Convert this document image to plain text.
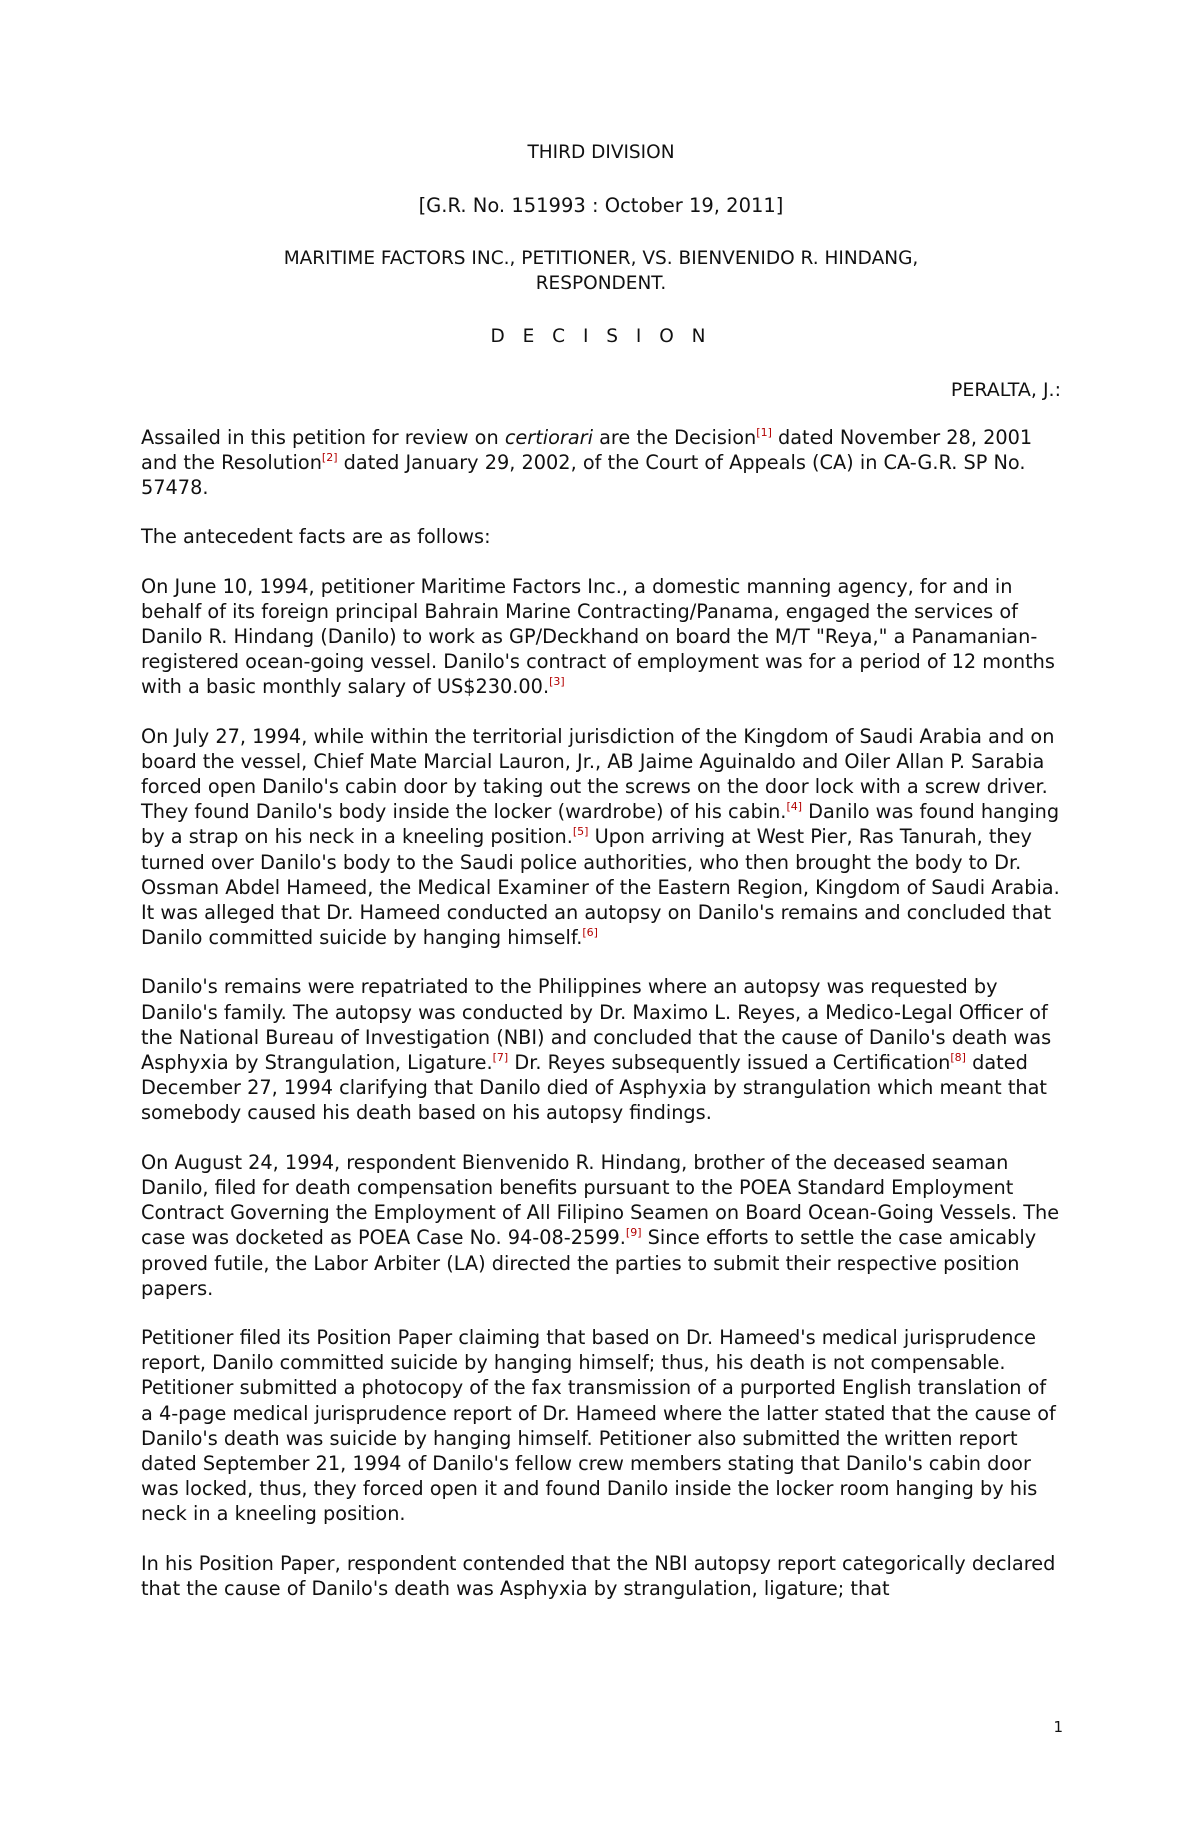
THIRD DIVISION
[G.R. No. 151993 : October 19, 2011]
MARITIME FACTORS INC., PETITIONER, VS. BIENVENIDO R. HINDANG,
RESPONDENT.
D E C I S I O N
PERALTA, J.:

Assailed in this petition for review on certiorari are the Decision[1] dated November 28, 2001 and the Resolution[2] dated January 29, 2002, of the Court of Appeals (CA) in CA-G.R. SP No. 57478.

The antecedent facts are as follows:

On June 10, 1994, petitioner Maritime Factors Inc., a domestic manning agency, for and in behalf of its foreign principal Bahrain Marine Contracting/Panama, engaged the services of Danilo R. Hindang (Danilo) to work as GP/Deckhand on board the M/T "Reya," a Panamanian-registered ocean-going vessel. Danilo's contract of employment was for a period of 12 months with a basic monthly salary of US$230.00.[3]

On July 27, 1994, while within the territorial jurisdiction of the Kingdom of Saudi Arabia and on board the vessel, Chief Mate Marcial Lauron, Jr., AB Jaime Aguinaldo and Oiler Allan P. Sarabia forced open Danilo's cabin door by taking out the screws on the door lock with a screw driver. They found Danilo's body inside the locker (wardrobe) of his cabin.[4] Danilo was found hanging by a strap on his neck in a kneeling position.[5] Upon arriving at West Pier, Ras Tanurah, they turned over Danilo's body to the Saudi police authorities, who then brought the body to Dr. Ossman Abdel Hameed, the Medical Examiner of the Eastern Region, Kingdom of Saudi Arabia. It was alleged that Dr. Hameed conducted an autopsy on Danilo's remains and concluded that Danilo committed suicide by hanging himself.[6]

Danilo's remains were repatriated to the Philippines where an autopsy was requested by Danilo's family. The autopsy was conducted by Dr. Maximo L. Reyes, a Medico-Legal Officer of the National Bureau of Investigation (NBI) and concluded that the cause of Danilo's death was Asphyxia by Strangulation, Ligature.[7] Dr. Reyes subsequently issued a Certification[8] dated December 27, 1994 clarifying that Danilo died of Asphyxia by strangulation which meant that somebody caused his death based on his autopsy findings.

On August 24, 1994, respondent Bienvenido R. Hindang, brother of the deceased seaman Danilo, filed for death compensation benefits pursuant to the POEA Standard Employment Contract Governing the Employment of All Filipino Seamen on Board Ocean-Going Vessels. The case was docketed as POEA Case No. 94-08-2599.[9] Since efforts to settle the case amicably proved futile, the Labor Arbiter (LA) directed the parties to submit their respective position papers.

Petitioner filed its Position Paper claiming that based on Dr. Hameed's medical jurisprudence report, Danilo committed suicide by hanging himself; thus, his death is not compensable. Petitioner submitted a photocopy of the fax transmission of a purported English translation of a 4-page medical jurisprudence report of Dr. Hameed where the latter stated that the cause of Danilo's death was suicide by hanging himself. Petitioner also submitted the written report dated September 21, 1994 of Danilo's fellow crew members stating that Danilo's cabin door was locked, thus, they forced open it and found Danilo inside the locker room hanging by his neck in a kneeling position.

In his Position Paper, respondent contended that the NBI autopsy report categorically declared that the cause of Danilo's death was Asphyxia by strangulation, ligature; that

1
